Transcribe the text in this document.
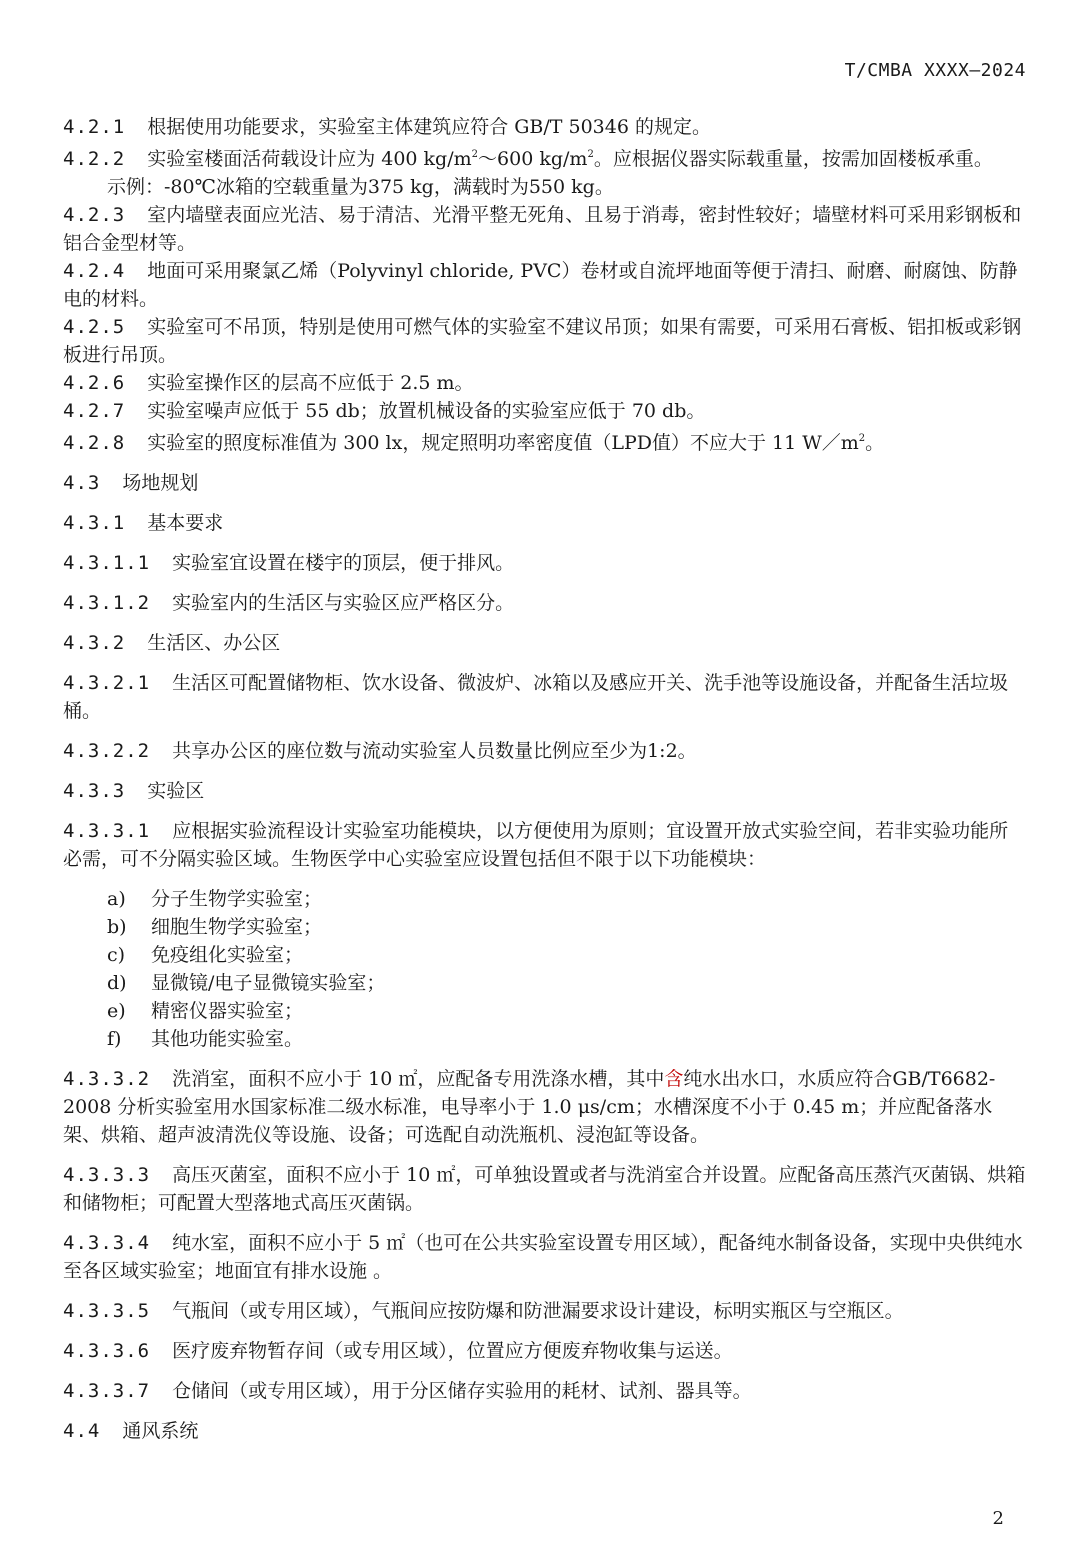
T/CMBA XXXX—2024

4.2.1 根据使用功能要求，实验室主体建筑应符合 GB/T 50346 的规定。

4.2.2 实验室楼面活荷载设计应为 400 $kg/m^2\sim 600$ $kg/m^2$。应根据仪器实际载重量，按需加固楼板承重。

示例：-80℃冰箱的空载重量为375 kg，满载时为550 kg。

4.2.3 室内墙壁表面应光洁、易于清洁、光滑平整无死角、且易于消毒，密封性较好；墙壁材料可采用彩钢板和铝合金型材等。

4.2.4 地面可采用聚氯乙烯（Polyvinyl chloride, PVC）卷材或自流坪地面等便于清扫、耐磨、耐腐蚀、防静电的材料。

4.2.5 实验室可不吊顶，特别是使用可燃气体的实验室不建议吊顶；如果有需要，可采用石膏板、铝扣板或彩钢板进行吊顶。

4.2.6 实验室操作区的层高不应低于 2.5 m。

4.2.7 实验室噪声应低于 55 db；放置机械设备的实验室应低于 70 db。

4.2.8 实验室的照度标准值为 300 lx，规定照明功率密度值（LPD值）不应大于 11 $W/m^2$。

4.3 场地规划

4.3.1 基本要求

4.3.1.1 实验室宜设置在楼宇的顶层，便于排风。

4.3.1.2 实验室内的生活区与实验区应严格区分。

4.3.2 生活区、办公区

4.3.2.1 生活区可配置储物柜、饮水设备、微波炉、冰箱以及感应开关、洗手池等设施设备，并配备生活垃圾桶。

4.3.2.2 共享办公区的座位数与流动实验室人员数量比例应至少为1:2。

4.3.3 实验区

4.3.3.1 应根据实验流程设计实验室功能模块，以方便使用为原则；宜设置开放式实验空间，若非实验功能所必需，可不分隔实验区域。生物医学中心实验室应设置包括但不限于以下功能模块：

a) 分子生物学实验室；
b) 细胞生物学实验室；
c) 免疫组化实验室；
d) 显微镜/电子显微镜实验室；
e) 精密仪器实验室；
f) 其他功能实验室。

4.3.3.2 洗消室，面积不应小于 10 ㎡，应配备专用洗涤水槽，其中含纯水出水口，水质应符合GB/T6682-2008 分析实验室用水国家标准二级水标准，电导率小于 1.0 μs/cm；水槽深度不小于 0.45 m；并应配备落水架、烘箱、超声波清洗仪等设施、设备；可选配自动洗瓶机、浸泡缸等设备。

4.3.3.3 高压灭菌室，面积不应小于 10 ㎡，可单独设置或者与洗消室合并设置。应配备高压蒸汽灭菌锅、烘箱和储物柜；可配置大型落地式高压灭菌锅。

4.3.3.4 纯水室，面积不应小于 5 ㎡（也可在公共实验室设置专用区域），配备纯水制备设备，实现中央供纯水至各区域实验室；地面宜有排水设施 。

4.3.3.5 气瓶间（或专用区域），气瓶间应按防爆和防泄漏要求设计建设，标明实瓶区与空瓶区。

4.3.3.6 医疗废弃物暂存间（或专用区域），位置应方便废弃物收集与运送。

4.3.3.7 仓储间（或专用区域），用于分区储存实验用的耗材、试剂、器具等。

4.4 通风系统

2
